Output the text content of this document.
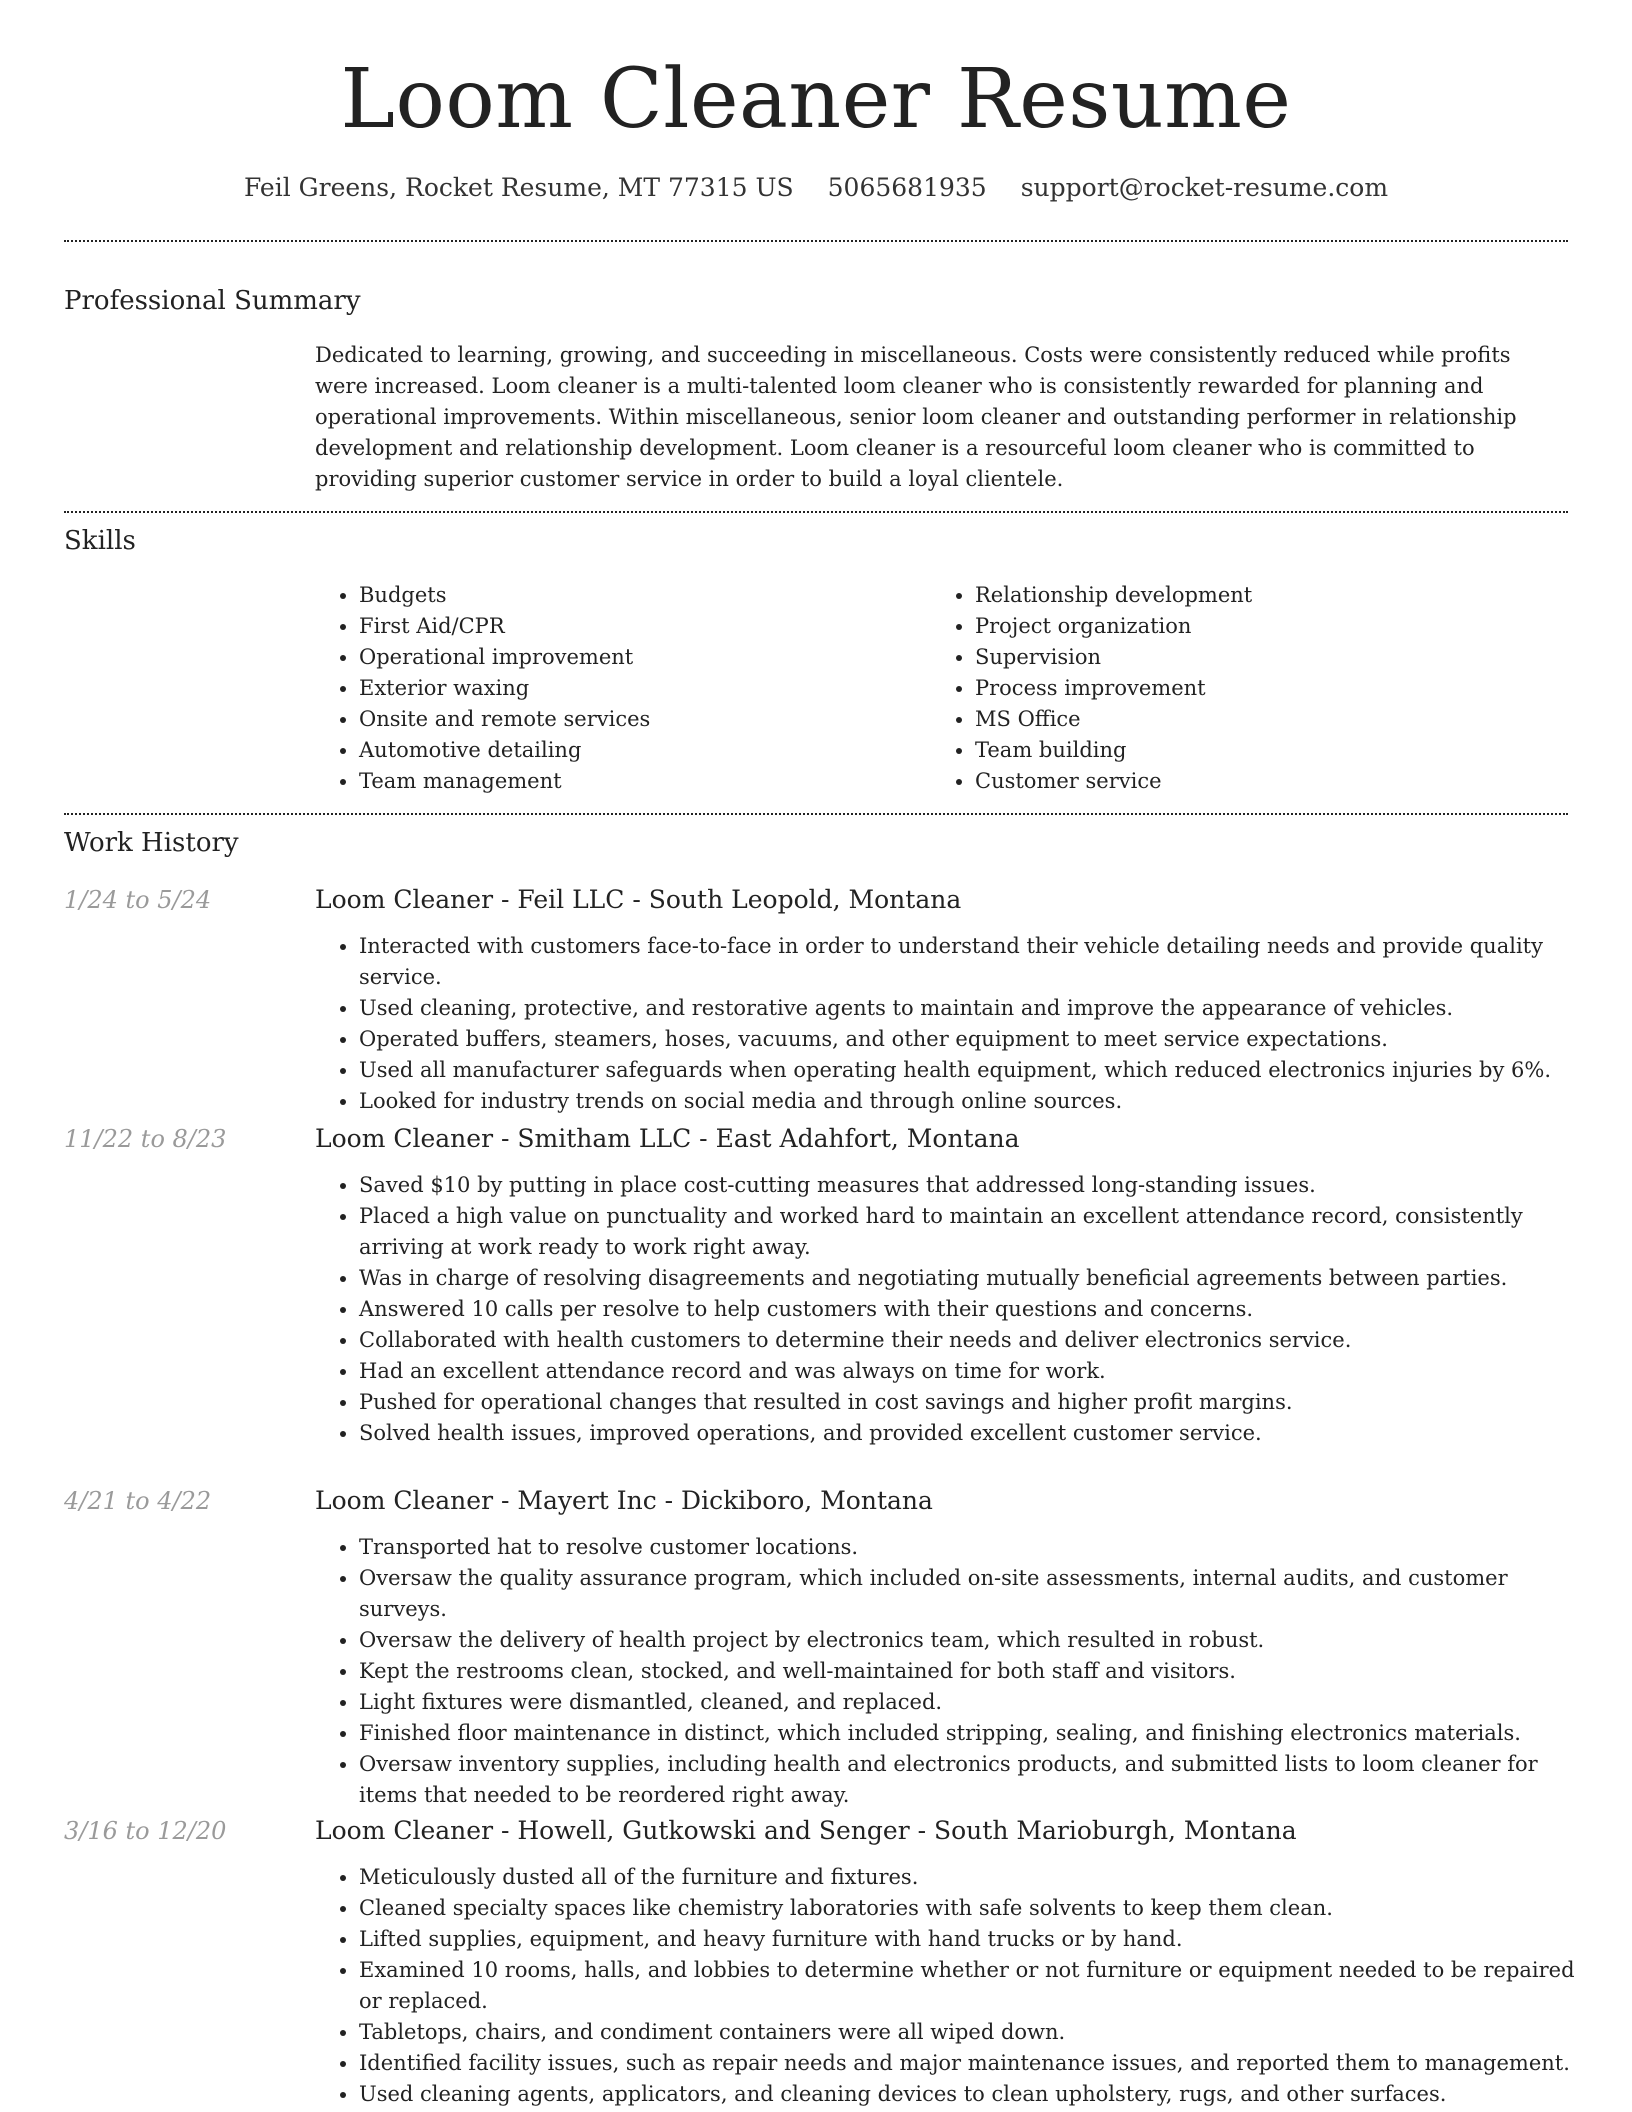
Loom Cleaner Resume
Feil Greens, Rocket Resume, MT 77315 US 5065681935 support@rocket-resume.com
Professional Summary

Dedicated to learning, growing, and succeeding in miscellaneous. Costs were consistently reduced while profits were increased. Loom cleaner is a multi-talented loom cleaner who is consistently rewarded for planning and operational improvements. Within miscellaneous, senior loom cleaner and outstanding performer in relationship development and relationship development. Loom cleaner is a resourceful loom cleaner who is committed to providing superior customer service in order to build a loyal clientele.

Skills
• Budgets
• First Aid/CPR
• Operational improvement
• Exterior waxing
• Onsite and remote services
• Automotive detailing
• Team management
• Relationship development
• Project organization
• Supervision
• Process improvement
• MS Office
• Team building
• Customer service
Work History
1/24 to 5/24	Loom Cleaner - Feil LLC - South Leopold, Montana
• Interacted with customers face-to-face in order to understand their vehicle detailing needs and provide quality service.
• Used cleaning, protective, and restorative agents to maintain and improve the appearance of vehicles.
• Operated buffers, steamers, hoses, vacuums, and other equipment to meet service expectations.
• Used all manufacturer safeguards when operating health equipment, which reduced electronics injuries by 6%.
• Looked for industry trends on social media and through online sources.
11/22 to 8/23	Loom Cleaner - Smitham LLC - East Adahfort, Montana
• Saved $10 by putting in place cost-cutting measures that addressed long-standing issues.
• Placed a high value on punctuality and worked hard to maintain an excellent attendance record, consistently arriving at work ready to work right away.
• Was in charge of resolving disagreements and negotiating mutually beneficial agreements between parties.
• Answered 10 calls per resolve to help customers with their questions and concerns.
• Collaborated with health customers to determine their needs and deliver electronics service.
• Had an excellent attendance record and was always on time for work.
• Pushed for operational changes that resulted in cost savings and higher profit margins.
• Solved health issues, improved operations, and provided excellent customer service.
4/21 to 4/22	Loom Cleaner - Mayert Inc - Dickiboro, Montana
• Transported hat to resolve customer locations.
• Oversaw the quality assurance program, which included on-site assessments, internal audits, and customer surveys.
• Oversaw the delivery of health project by electronics team, which resulted in robust.
• Kept the restrooms clean, stocked, and well-maintained for both staff and visitors.
• Light fixtures were dismantled, cleaned, and replaced.
• Finished floor maintenance in distinct, which included stripping, sealing, and finishing electronics materials.
• Oversaw inventory supplies, including health and electronics products, and submitted lists to loom cleaner for items that needed to be reordered right away.
3/16 to 12/20	Loom Cleaner - Howell, Gutkowski and Senger - South Marioburgh, Montana
• Meticulously dusted all of the furniture and fixtures.
• Cleaned specialty spaces like chemistry laboratories with safe solvents to keep them clean.
• Lifted supplies, equipment, and heavy furniture with hand trucks or by hand.
• Examined 10 rooms, halls, and lobbies to determine whether or not furniture or equipment needed to be repaired or replaced.
• Tabletops, chairs, and condiment containers were all wiped down.
• Identified facility issues, such as repair needs and major maintenance issues, and reported them to management.
• Used cleaning agents, applicators, and cleaning devices to clean upholstery, rugs, and other surfaces.
